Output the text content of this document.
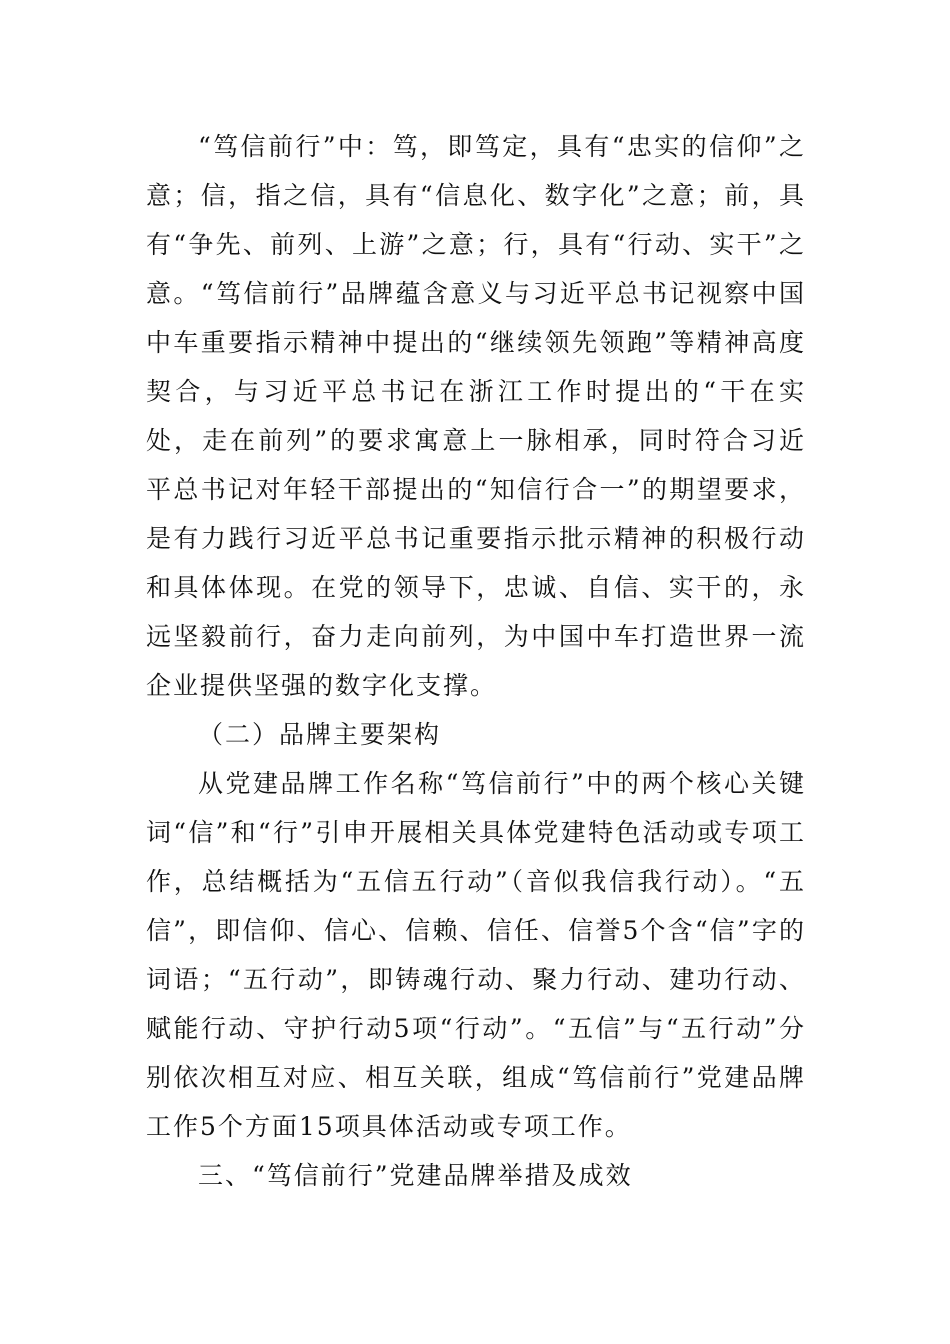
“笃信前行”中：笃，即笃定，具有“忠实的信仰”之意；信，指之信，具有“信息化、数字化”之意；前，具有“争先、前列、上游”之意；行，具有“行动、实干”之意。“笃信前行”品牌蕴含意义与习近平总书记视察中国中车重要指示精神中提出的“继续领先领跑”等精神高度契合，与习近平总书记在浙江工作时提出的“干在实处，走在前列”的要求寓意上一脉相承，同时符合习近平总书记对年轻干部提出的“知信行合一”的期望要求，是有力践行习近平总书记重要指示批示精神的积极行动和具体体现。在党的领导下，忠诚、自信、实干的，永远坚毅前行，奋力走向前列，为中国中车打造世界一流企业提供坚强的数字化支撑。

（二）品牌主要架构

从党建品牌工作名称“笃信前行”中的两个核心关键词“信”和“行”引申开展相关具体党建特色活动或专项工作，总结概括为“五信五行动”（音似我信我行动）。“五信”，即信仰、信心、信赖、信任、信誉5个含“信”字的词语；“五行动”，即铸魂行动、聚力行动、建功行动、赋能行动、守护行动5项“行动”。“五信”与“五行动”分别依次相互对应、相互关联，组成“笃信前行”党建品牌工作5个方面15项具体活动或专项工作。

三、“笃信前行”党建品牌举措及成效
